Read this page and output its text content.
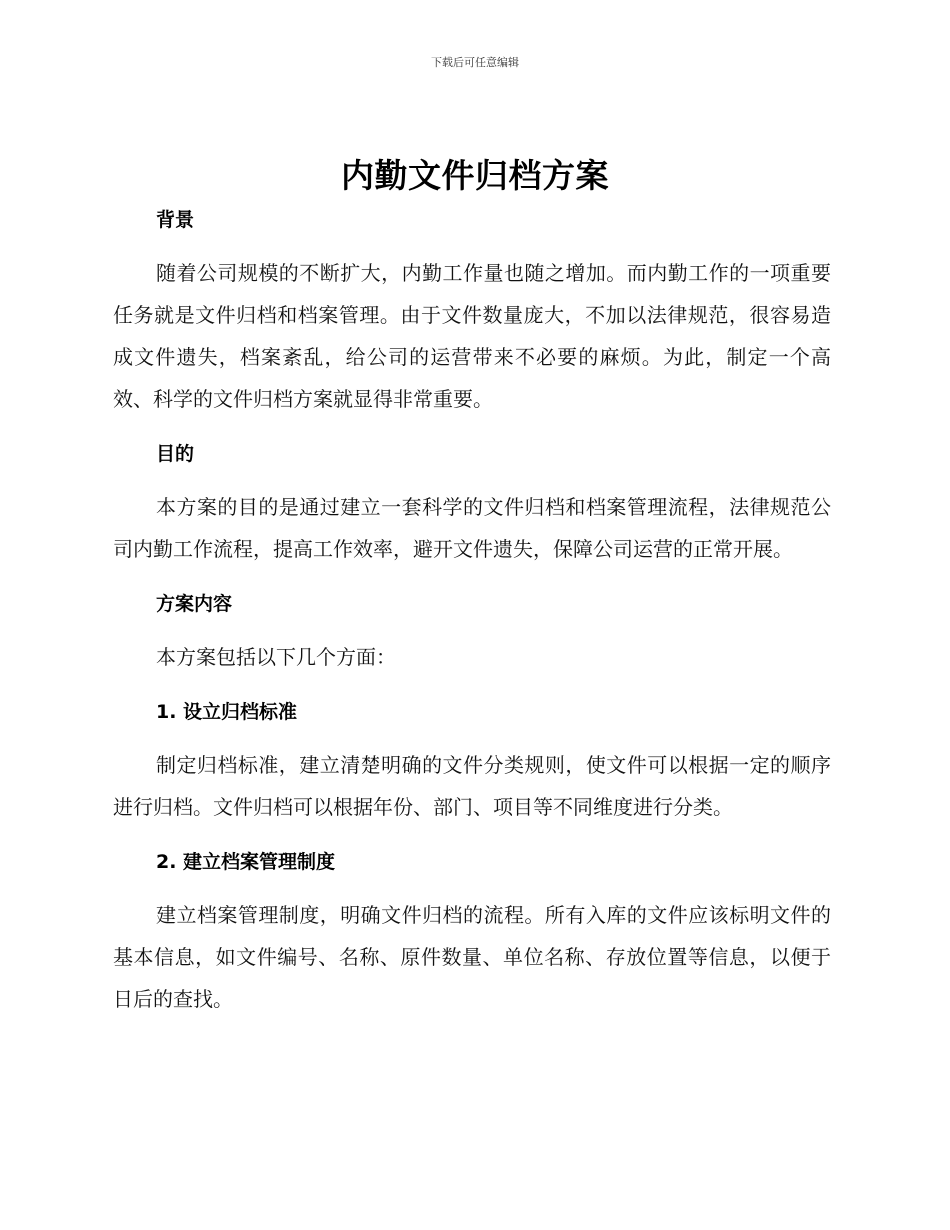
下载后可任意编辑
内勤文件归档方案
背景

随着公司规模的不断扩大，内勤工作量也随之增加。而内勤工作的一项重要任务就是文件归档和档案管理。由于文件数量庞大，不加以法律规范，很容易造成文件遗失，档案紊乱，给公司的运营带来不必要的麻烦。为此，制定一个高效、科学的文件归档方案就显得非常重要。

目的

本方案的目的是通过建立一套科学的文件归档和档案管理流程，法律规范公司内勤工作流程，提高工作效率，避开文件遗失，保障公司运营的正常开展。

方案内容

本方案包括以下几个方面：

1. 设立归档标准

制定归档标准，建立清楚明确的文件分类规则，使文件可以根据一定的顺序进行归档。文件归档可以根据年份、部门、项目等不同维度进行分类。

2. 建立档案管理制度

建立档案管理制度，明确文件归档的流程。所有入库的文件应该标明文件的基本信息，如文件编号、名称、原件数量、单位名称、存放位置等信息，以便于日后的查找。
